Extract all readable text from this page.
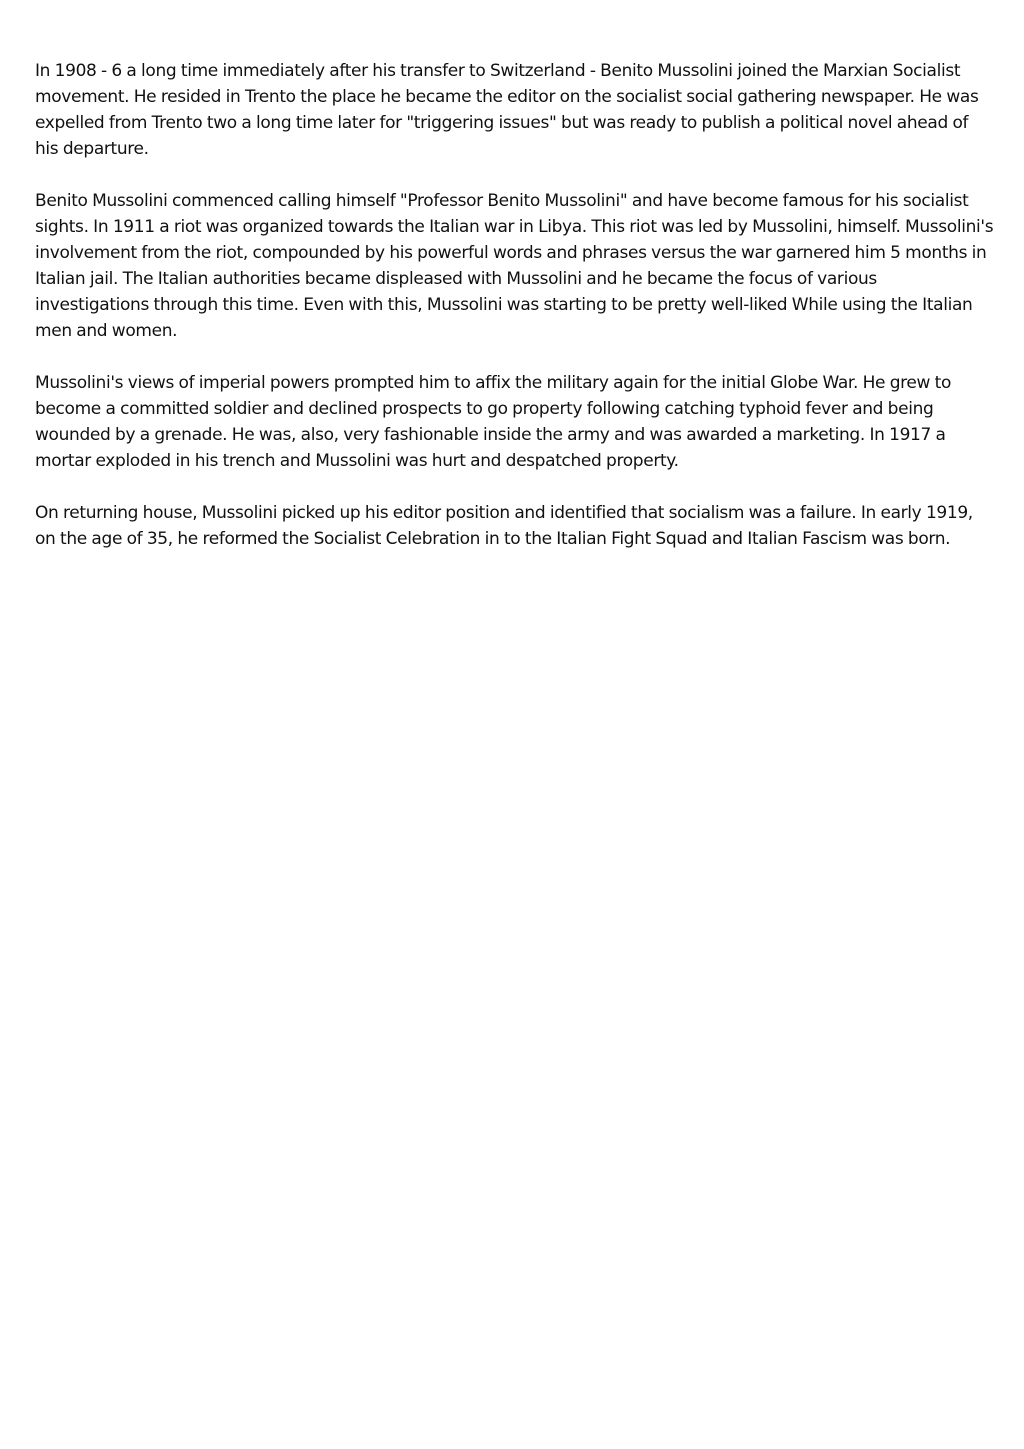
In 1908 - 6 a long time immediately after his transfer to Switzerland - Benito Mussolini joined the Marxian Socialist movement. He resided in Trento the place he became the editor on the socialist social gathering newspaper. He was expelled from Trento two a long time later for "triggering issues" but was ready to publish a political novel ahead of his departure.

Benito Mussolini commenced calling himself "Professor Benito Mussolini" and have become famous for his socialist sights. In 1911 a riot was organized towards the Italian war in Libya. This riot was led by Mussolini, himself. Mussolini's involvement from the riot, compounded by his powerful words and phrases versus the war garnered him 5 months in Italian jail. The Italian authorities became displeased with Mussolini and he became the focus of various investigations through this time. Even with this, Mussolini was starting to be pretty well-liked While using the Italian men and women.

Mussolini's views of imperial powers prompted him to affix the military again for the initial Globe War. He grew to become a committed soldier and declined prospects to go property following catching typhoid fever and being wounded by a grenade. He was, also, very fashionable inside the army and was awarded a marketing. In 1917 a mortar exploded in his trench and Mussolini was hurt and despatched property.

On returning house, Mussolini picked up his editor position and identified that socialism was a failure. In early 1919, on the age of 35, he reformed the Socialist Celebration in to the Italian Fight Squad and Italian Fascism was born.
